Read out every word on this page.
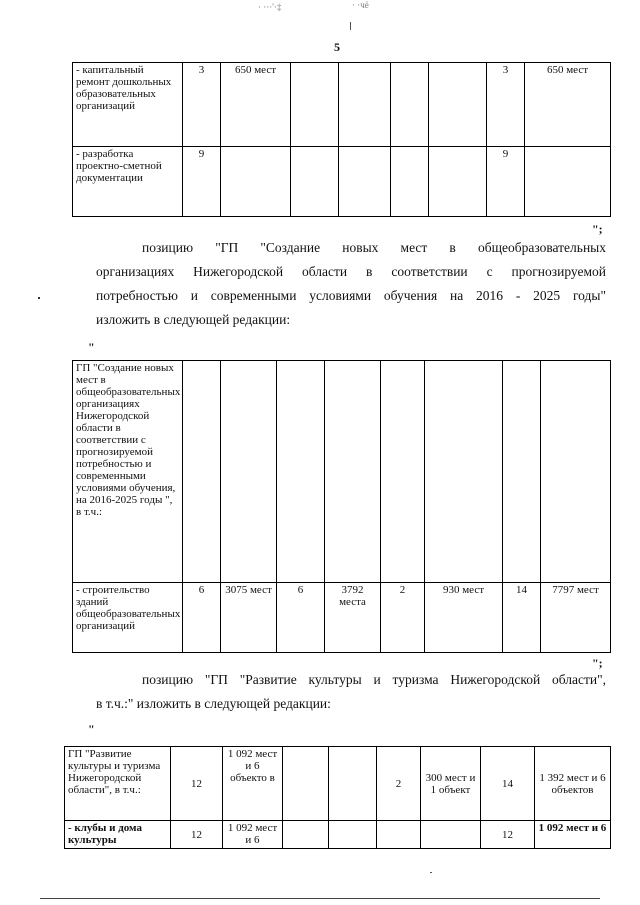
· ···'·‡	· ·чё
5
- капитальный ремонт дошкольных образовательных организаций	3	650 мест					3	650 мест
- разработка проектно-сметной документации	9						9	
";
позицию "ГП "Создание новых мест в общеобразовательных
организациях Нижегородской области в соответствии с прогнозируемой
потребностью и современными условиями обучения на 2016 - 2025 годы"
изложить в следующей редакции:
"
ГП "Создание новых мест в общеобразовательных организациях Нижегородской области в соответствии с прогнозируемой потребностью и современными условиями обучения, на 2016-2025 годы ", в т.ч.:								
- строительство зданий общеобразовательных организаций	6	3075 мест	6	3792 места	2	930 мест	14	7797 мест
";
позицию "ГП "Развитие культуры и туризма Нижегородской области",
в т.ч.:" изложить в следующей редакции:
"
ГП "Развитие культуры и туризма Нижегородской области", в т.ч.:	12	1 092 мест и 6 объекто в			2	300 мест и 1 объект	14	1 392 мест и 6 объектов
- клубы и дома культуры	12	1 092 мест и 6					12	1 092 мест и 6
